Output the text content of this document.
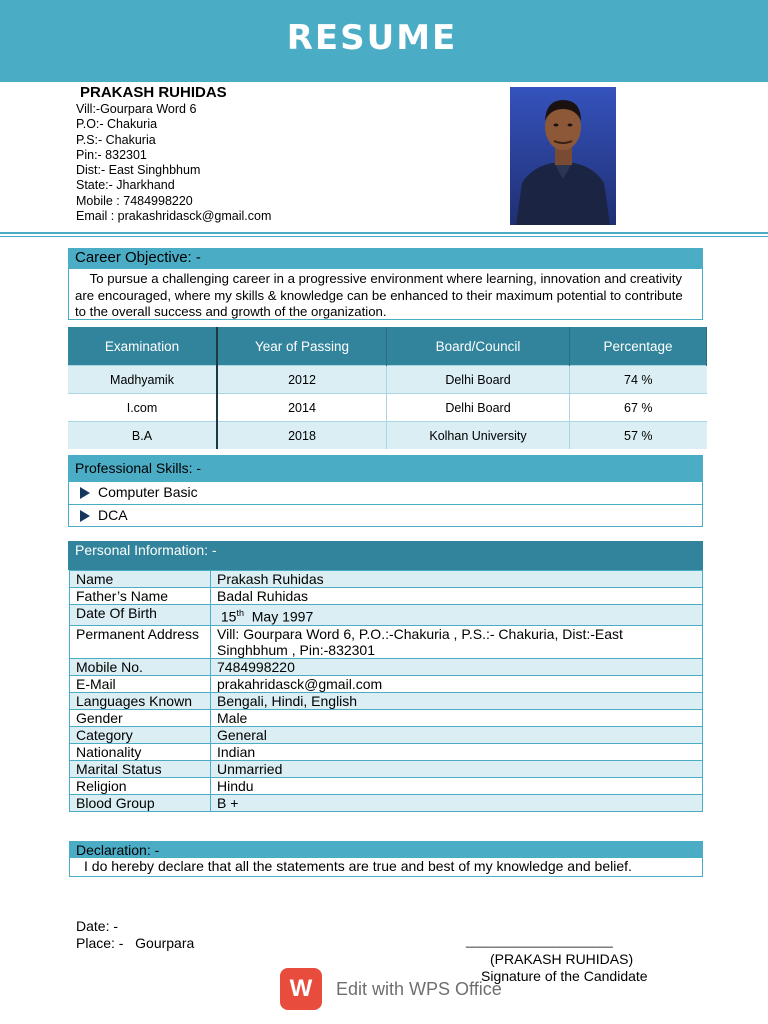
RESUME
PRAKASH RUHIDAS
Vill:-Gourpara Word 6
P.O:- Chakuria
P.S:- Chakuria
Pin:- 832301
Dist:- East Singhbhum
State:- Jharkhand
Mobile : 7484998220
Email : prakashridasck@gmail.com
Career Objective: -
To pursue a challenging career in a progressive environment where learning, innovation and creativity are encouraged, where my skills & knowledge can be enhanced to their maximum potential to contribute to the overall success and growth of the organization.
Examination	Year of Passing	Board/Council	Percentage
Madhyamik	2012	Delhi Board	74 %
I.com	2014	Delhi Board	67 %
B.A	2018	Kolhan University	57 %
Professional Skills: -
Computer Basic
DCA
Personal Information: -
Name	Prakash Ruhidas
Father’s Name	Badal Ruhidas
Date Of Birth	15th May 1997
Permanent Address	Vill: Gourpara Word 6, P.O.:-Chakuria , P.S.:- Chakuria, Dist:-East Singhbhum , Pin:-832301
Mobile No.	7484998220
E-Mail	prakahridasck@gmail.com
Languages Known	Bengali, Hindi, English
Gender	Male
Category	General
Nationality	Indian
Marital Status	Unmarried
Religion	Hindu
Blood Group	B +
Declaration: -
I do hereby declare that all the statements are true and best of my knowledge and belief.
Date: -
Place: - Gourpara	______________________
(PRAKASH RUHIDAS)
Signature of the Candidate
W	Edit with WPS Office
